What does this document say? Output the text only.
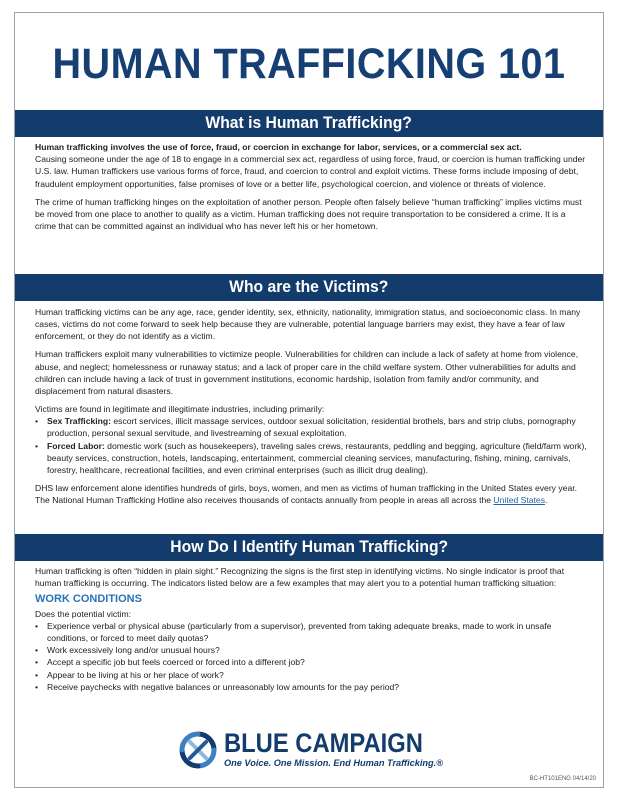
HUMAN TRAFFICKING 101
What is Human Trafficking?

Human trafficking involves the use of force, fraud, or coercion in exchange for labor, services, or a commercial sex act.

Causing someone under the age of 18 to engage in a commercial sex act, regardless of using force, fraud, or coercion is human trafficking under U.S. law. Human traffickers use various forms of force, fraud, and coercion to control and exploit victims. These forms include imposing of debt, fraudulent employment opportunities, false promises of love or a better life, psychological coercion, and violence or threats of violence.

The crime of human trafficking hinges on the exploitation of another person. People often falsely believe “human trafficking” implies victims must be moved from one place to another to qualify as a victim. Human trafficking does not require transportation to be considered a crime. It is a crime that can be committed against an individual who has never left his or her hometown.

Who are the Victims?

Human trafficking victims can be any age, race, gender identity, sex, ethnicity, nationality, immigration status, and socioeconomic class. In many cases, victims do not come forward to seek help because they are vulnerable, potential language barriers may exist, they have a fear of law enforcement, or they do not identify as a victim.

Human traffickers exploit many vulnerabilities to victimize people. Vulnerabilities for children can include a lack of safety at home from violence, abuse, and neglect; homelessness or runaway status; and a lack of proper care in the child welfare system. Other vulnerabilities for adults and children can include having a lack of trust in government institutions, economic hardship, isolation from family and/or community, and displacement from natural disasters.

Victims are found in legitimate and illegitimate industries, including primarily:

• Sex Trafficking: escort services, illicit massage services, outdoor sexual solicitation, residential brothels, bars and strip clubs, pornography production, personal sexual servitude, and livestreaming of sexual exploitation.
• Forced Labor: domestic work (such as housekeepers), traveling sales crews, restaurants, peddling and begging, agriculture (field/farm work), beauty services, construction, hotels, landscaping, entertainment, commercial cleaning services, manufacturing, fishing, mining, carnivals, forestry, healthcare, recreational facilities, and even criminal enterprises (such as illicit drug dealing).

DHS law enforcement alone identifies hundreds of girls, boys, women, and men as victims of human trafficking in the United States every year. The National Human Trafficking Hotline also receives thousands of contacts annually from people in areas all across the United States.

How Do I Identify Human Trafficking?

Human trafficking is often “hidden in plain sight.” Recognizing the signs is the first step in identifying victims. No single indicator is proof that human trafficking is occurring. The indicators listed below are a few examples that may alert you to a potential human trafficking situation:

WORK CONDITIONS
Does the potential victim:
• Experience verbal or physical abuse (particularly from a supervisor), prevented from taking adequate breaks, made to work in unsafe conditions, or forced to meet daily quotas?
• Work excessively long and/or unusual hours?
• Accept a specific job but feels coerced or forced into a different job?
• Appear to be living at his or her place of work?
• Receive paychecks with negative balances or unreasonably low amounts for the pay period?
BLUE CAMPAIGN
One Voice. One Mission. End Human Trafficking.®
BC-HT101ENG 04/14/20
